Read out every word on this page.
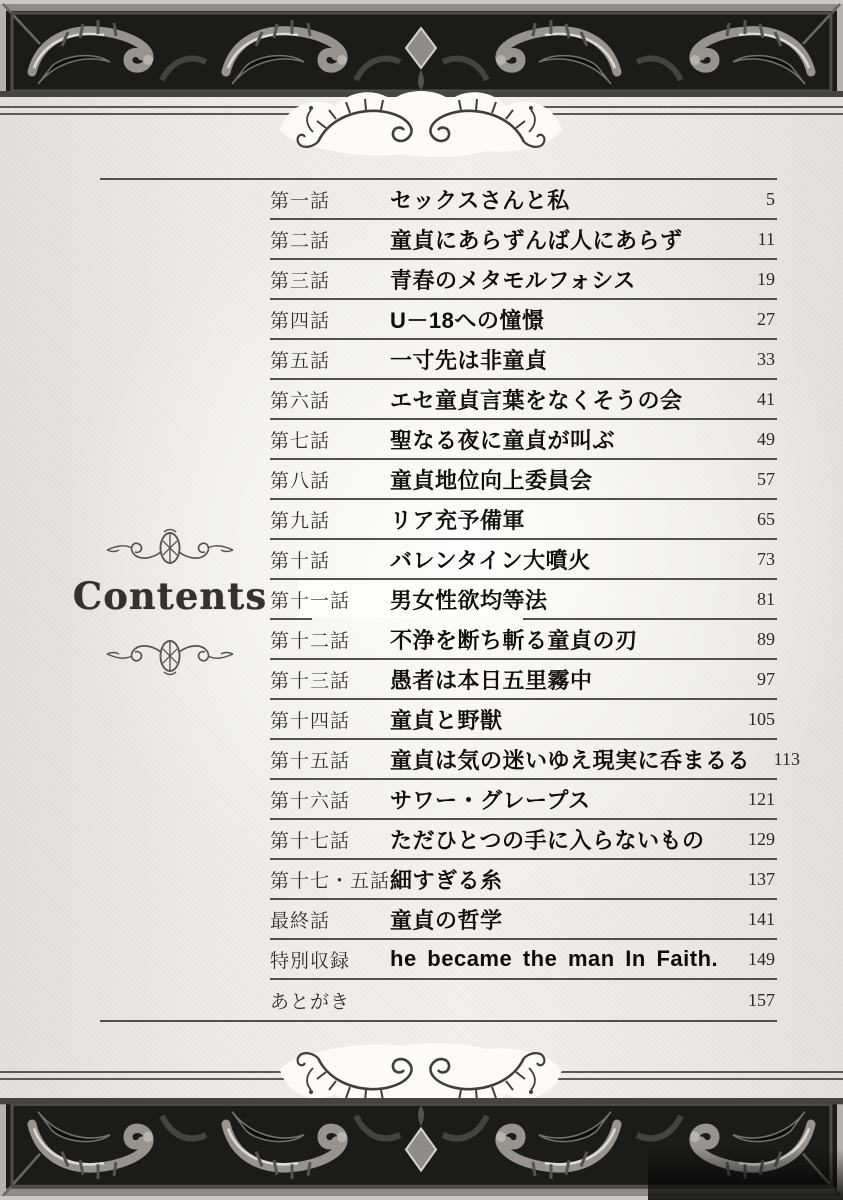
Contents
第一話	セックスさんと私	5
第二話	童貞にあらずんば人にあらず	11
第三話	青春のメタモルフォシス	19
第四話	U－18への憧憬	27
第五話	一寸先は非童貞	33
第六話	エセ童貞言葉をなくそうの会	41
第七話	聖なる夜に童貞が叫ぶ	49
第八話	童貞地位向上委員会	57
第九話	リア充予備軍	65
第十話	バレンタイン大噴火	73
第十一話	男女性欲均等法	81
第十二話	不浄を断ち斬る童貞の刃	89
第十三話	愚者は本日五里霧中	97
第十四話	童貞と野獣	105
第十五話	童貞は気の迷いゆえ現実に呑まるる	113
第十六話	サワー・グレープス	121
第十七話	ただひとつの手に入らないもの	129
第十七・五話 細すぎる糸	137
最終話	童貞の哲学	141
特別収録	he became the man In Faith.	149
あとがき	157
